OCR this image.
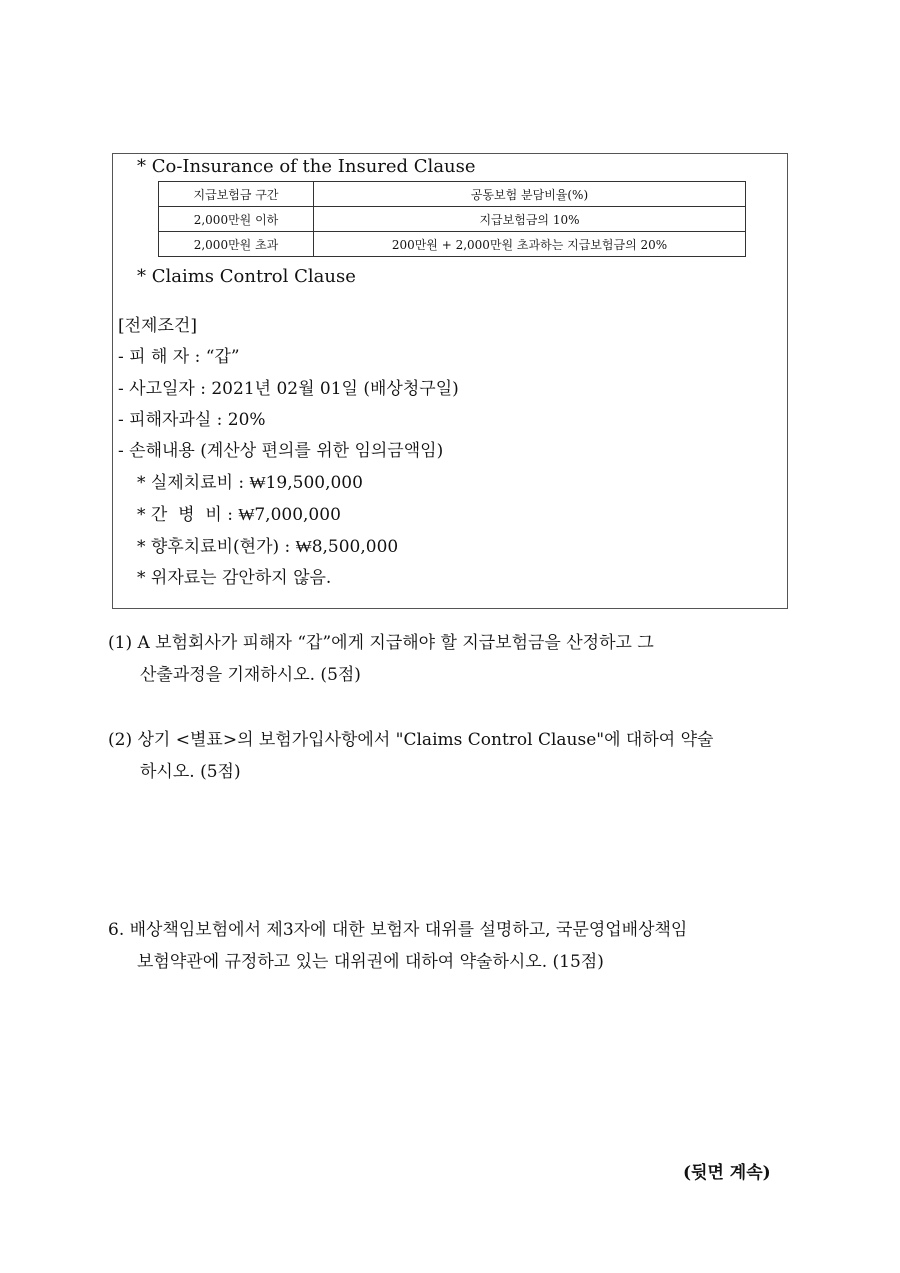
* Co-Insurance of the Insured Clause
지급보험금 구간	공동보험 분담비율(%)
2,000만원 이하	지급보험금의 10%
2,000만원 초과	200만원 + 2,000만원 초과하는 지급보험금의 20%
* Claims Control Clause
[전제조건]
- 피 해 자 : “갑”
- 사고일자 : 2021년 02월 01일 (배상청구일)
- 피해자과실 : 20%
- 손해내용 (계산상 편의를 위한 임의금액임)
* 실제치료비 : ₩19,500,000
* 간  병  비 : ₩7,000,000
* 향후치료비(현가) : ₩8,500,000
* 위자료는 감안하지 않음.
(1) A 보험회사가 피해자 “갑”에게 지급해야 할 지급보험금을 산정하고 그
산출과정을 기재하시오. (5점)
(2) 상기 <별표>의 보험가입사항에서 "Claims Control Clause"에 대하여 약술
하시오. (5점)
6. 배상책임보험에서 제3자에 대한 보험자 대위를 설명하고, 국문영업배상책임
보험약관에 규정하고 있는 대위권에 대하여 약술하시오. (15점)
(뒷면 계속)
